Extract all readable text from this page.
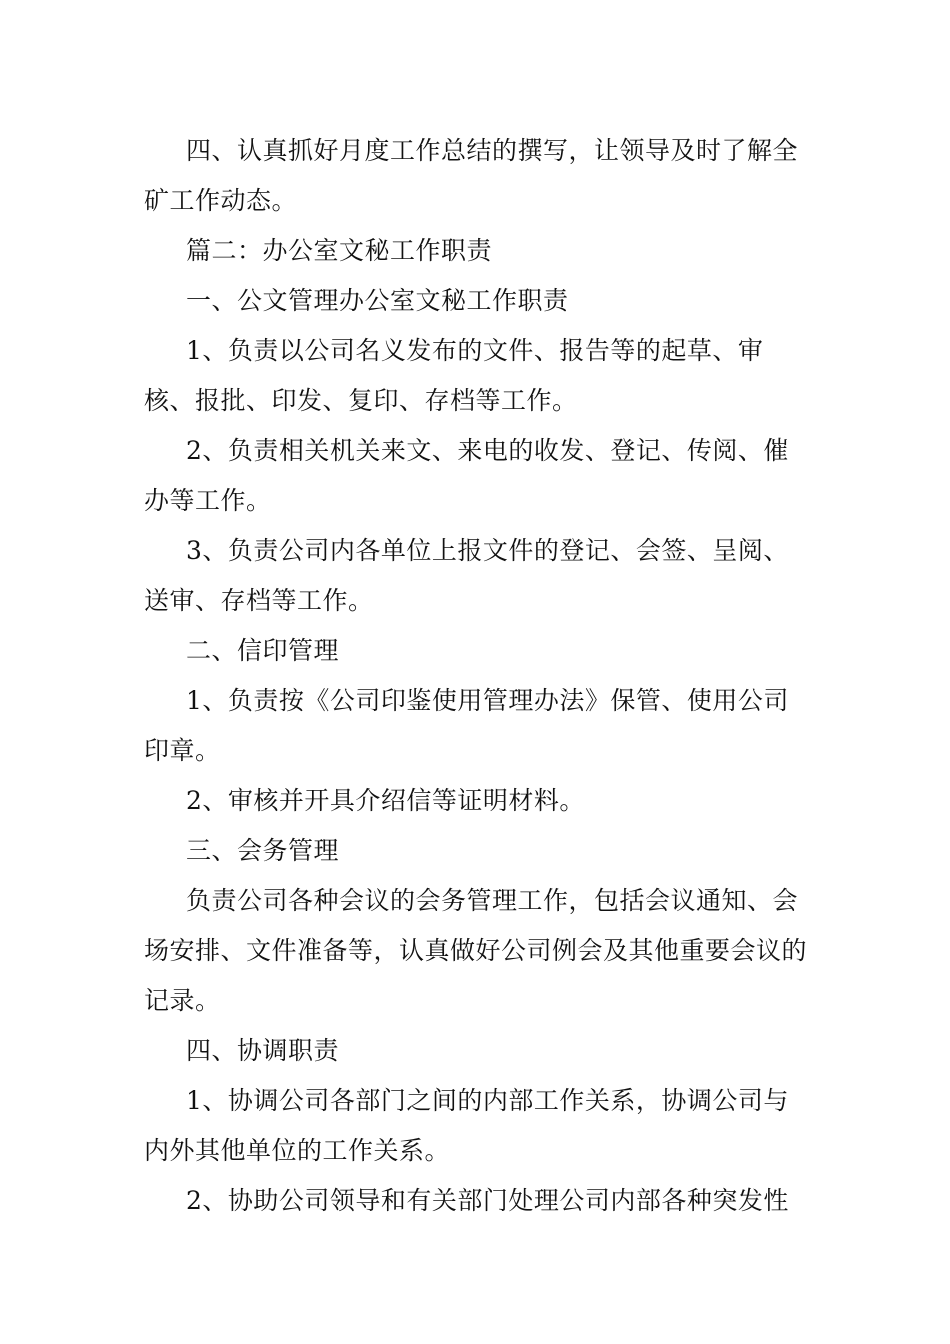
四、认真抓好月度工作总结的撰写，让领导及时了解全矿工作动态。

篇二：办公室文秘工作职责

一、公文管理办公室文秘工作职责

1、负责以公司名义发布的文件、报告等的起草、审核、报批、印发、复印、存档等工作。

2、负责相关机关来文、来电的收发、登记、传阅、催办等工作。

3、负责公司内各单位上报文件的登记、会签、呈阅、送审、存档等工作。

二、信印管理

1、负责按《公司印鉴使用管理办法》保管、使用公司印章。

2、审核并开具介绍信等证明材料。

三、会务管理

负责公司各种会议的会务管理工作，包括会议通知、会场安排、文件准备等，认真做好公司例会及其他重要会议的记录。

四、协调职责

1、协调公司各部门之间的内部工作关系，协调公司与内外其他单位的工作关系。

2、协助公司领导和有关部门处理公司内部各种突发性
